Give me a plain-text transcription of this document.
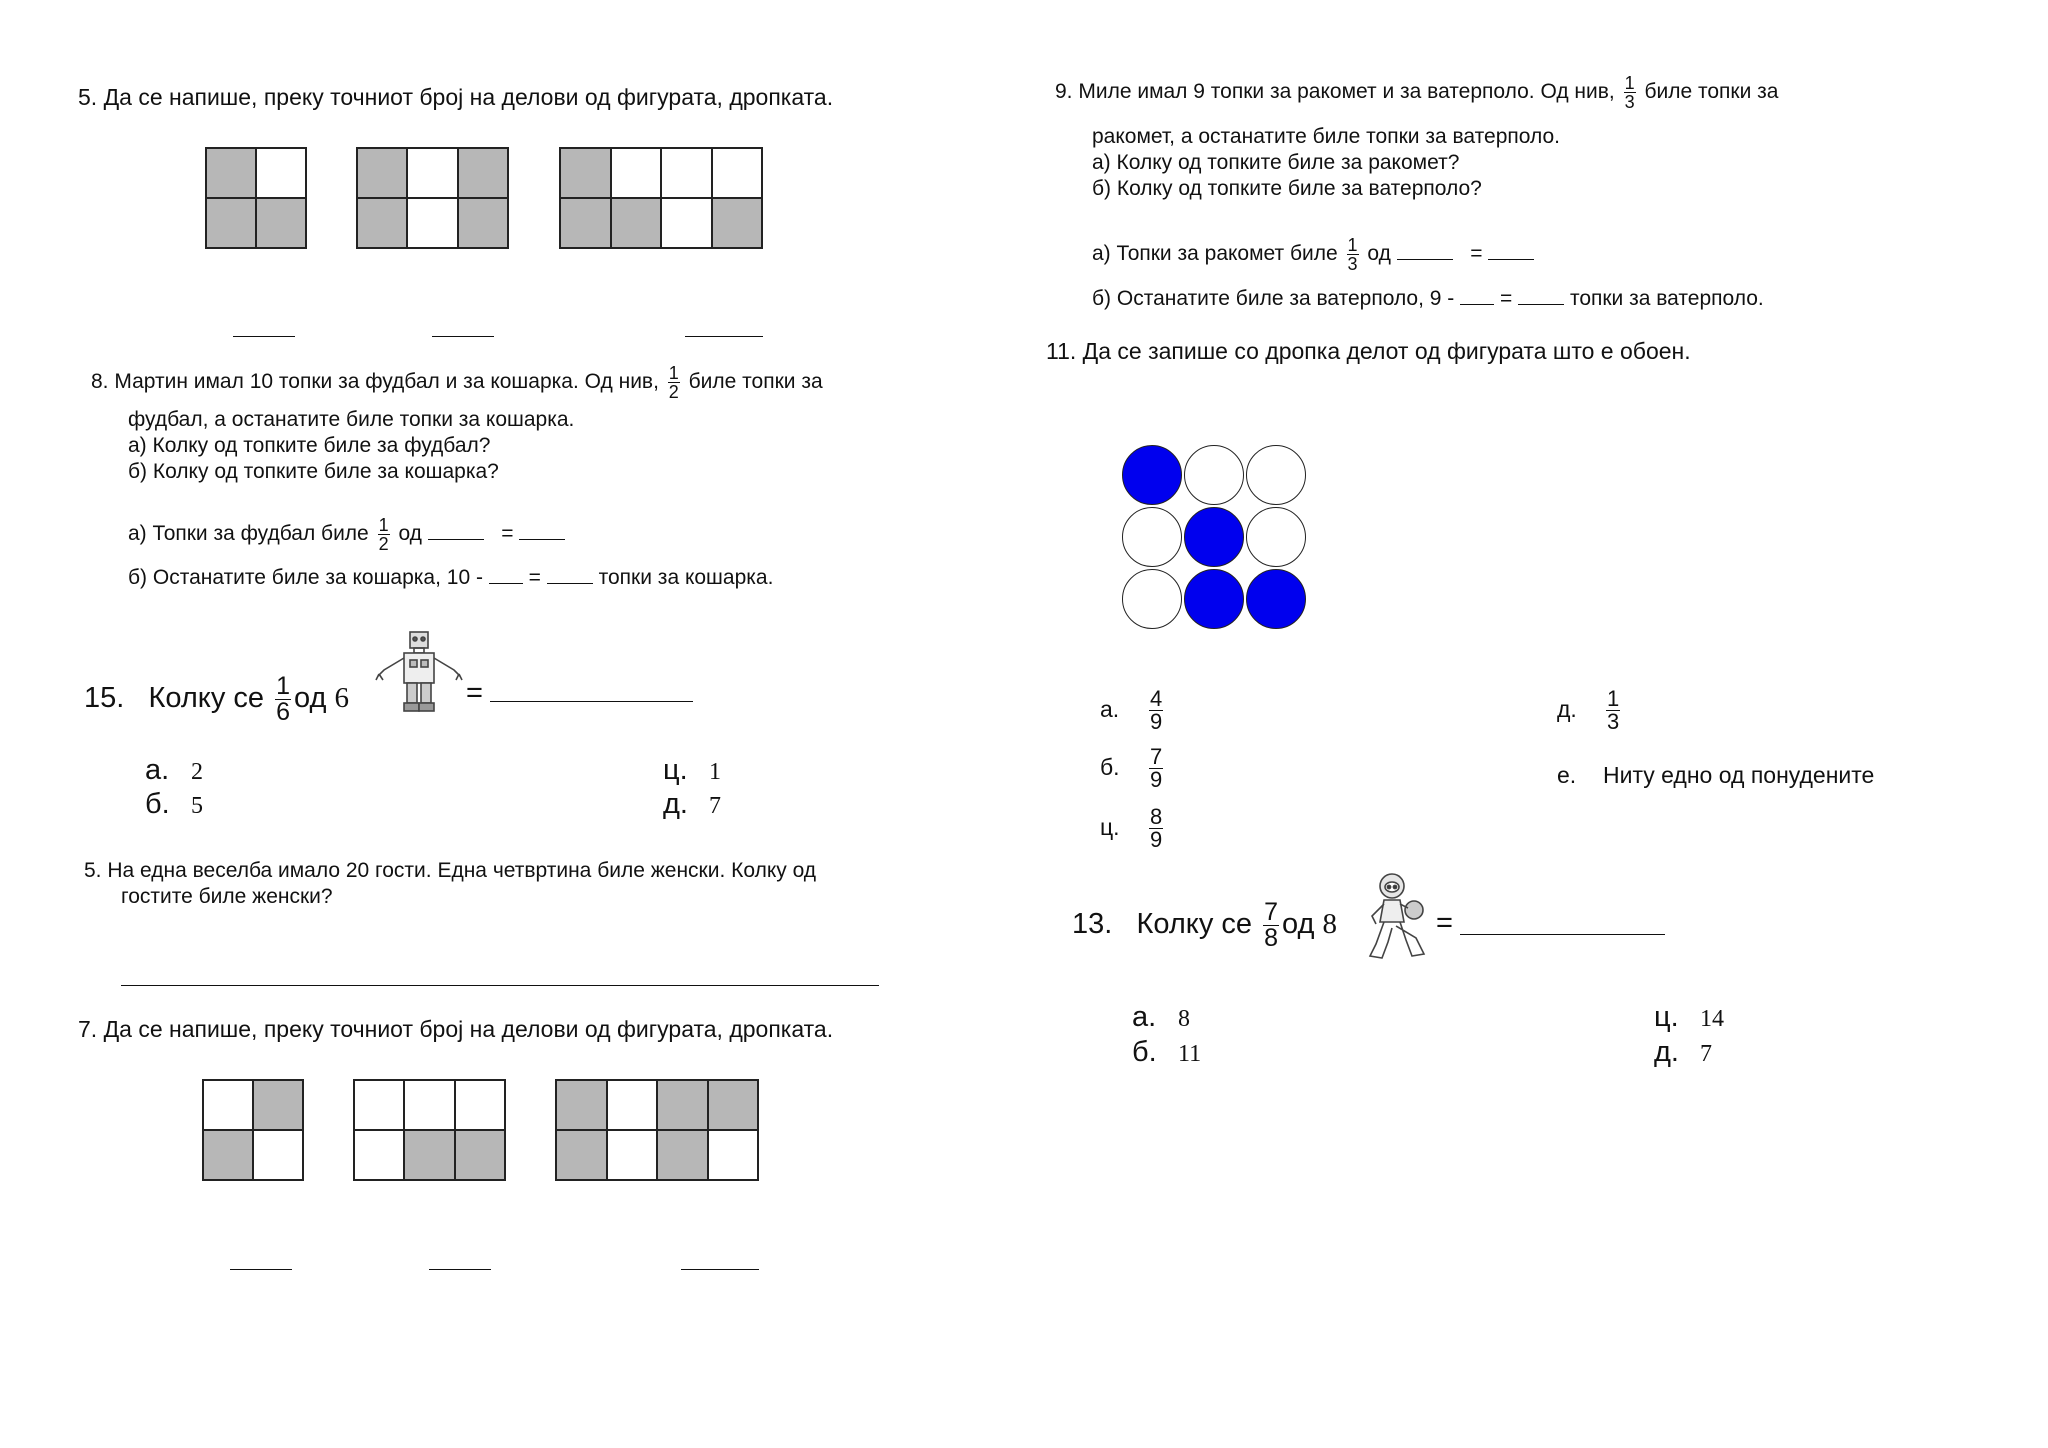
5. Да се напише, преку точниот број на делови од фигурата, дропката.
8. Мартин имал 10 топки за фудбал и за кошарка. Од нив, $\frac{1}{2}$ биле топки за
фудбал, а останатите биле топки за кошарка.
а) Колку од топките биле за фудбал?
б) Колку од топките биле за кошарка?
а) Топки за фудбал биле $\frac{1}{2}$ од	=
б) Останатите биле за кошарка, 10 - =	топки за кошарка.
15. Колку се $\frac{1}{6}$ од 6	=
а. 2
б. 5
ц. 1
д. 7
5. На една веселба имало 20 гости. Една четвртина биле женски. Колку од
гостите биле женски?
7. Да се напише, преку точниот број на делови од фигурата, дропката.
9. Миле имал 9 топки за ракомет и за ватерполо. Од нив, $\frac{1}{3}$ биле топки за
ракомет, а останатите биле топки за ватерполо.
а) Колку од топките биле за ракомет?
б) Колку од топките биле за ватерполо?
а) Топки за ракомет биле $\frac{1}{3}$ од	=
б) Останатите биле за ватерполо, 9 - =	топки за ватерполо.
11. Да се запише со дропка делот од фигурата што е обоен.
а. $\frac{4}{9}$
б. $\frac{7}{9}$
ц. $\frac{8}{9}$
д. $\frac{1}{3}$
е. Ниту едно од понудените
13. Колку се $\frac{7}{8}$ од 8	=
а. 8
б. 11
ц. 14
д. 7
